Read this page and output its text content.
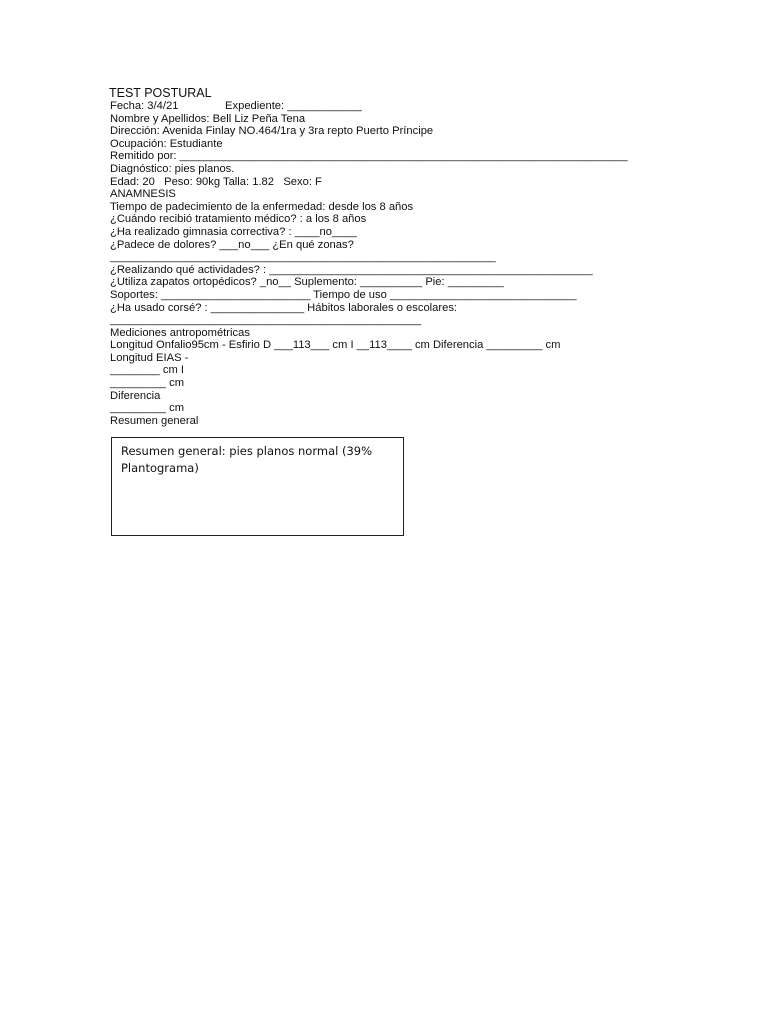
TEST POSTURAL
Fecha: 3/4/21               Expediente: ____________
Nombre y Apellidos: Bell Liz Peña Tena
Dirección: Avenida Finlay NO.464/1ra y 3ra repto Puerto Príncipe
Ocupación: Estudiante
Remitido por: ________________________________________________________________________
Diagnóstico: pies planos.
Edad: 20   Peso: 90kg Talla: 1.82   Sexo: F
ANAMNESIS
Tiempo de padecimiento de la enfermedad: desde los 8 años
¿Cuándo recibió tratamiento médico? : a los 8 años
¿Ha realizado gimnasia correctiva? : ____no____
¿Padece de dolores? ___no___ ¿En qué zonas?
______________________________________________________________
¿Realizando qué actividades? : ____________________________________________________
¿Utiliza zapatos ortopédicos? _no__ Suplemento: __________ Pie: _________
Soportes: ________________________ Tiempo de uso ______________________________
¿Ha usado corsé? : _______________ Hábitos laborales o escolares:
__________________________________________________
Mediciones antropométricas
Longitud Onfalio95cm - Esfirio D ___113___ cm I __113____ cm Diferencia _________ cm
Longitud EIAS -
________ cm I
_________ cm
Diferencia
_________ cm
Resumen general
Resumen general: pies planos normal (39% Plantograma)
